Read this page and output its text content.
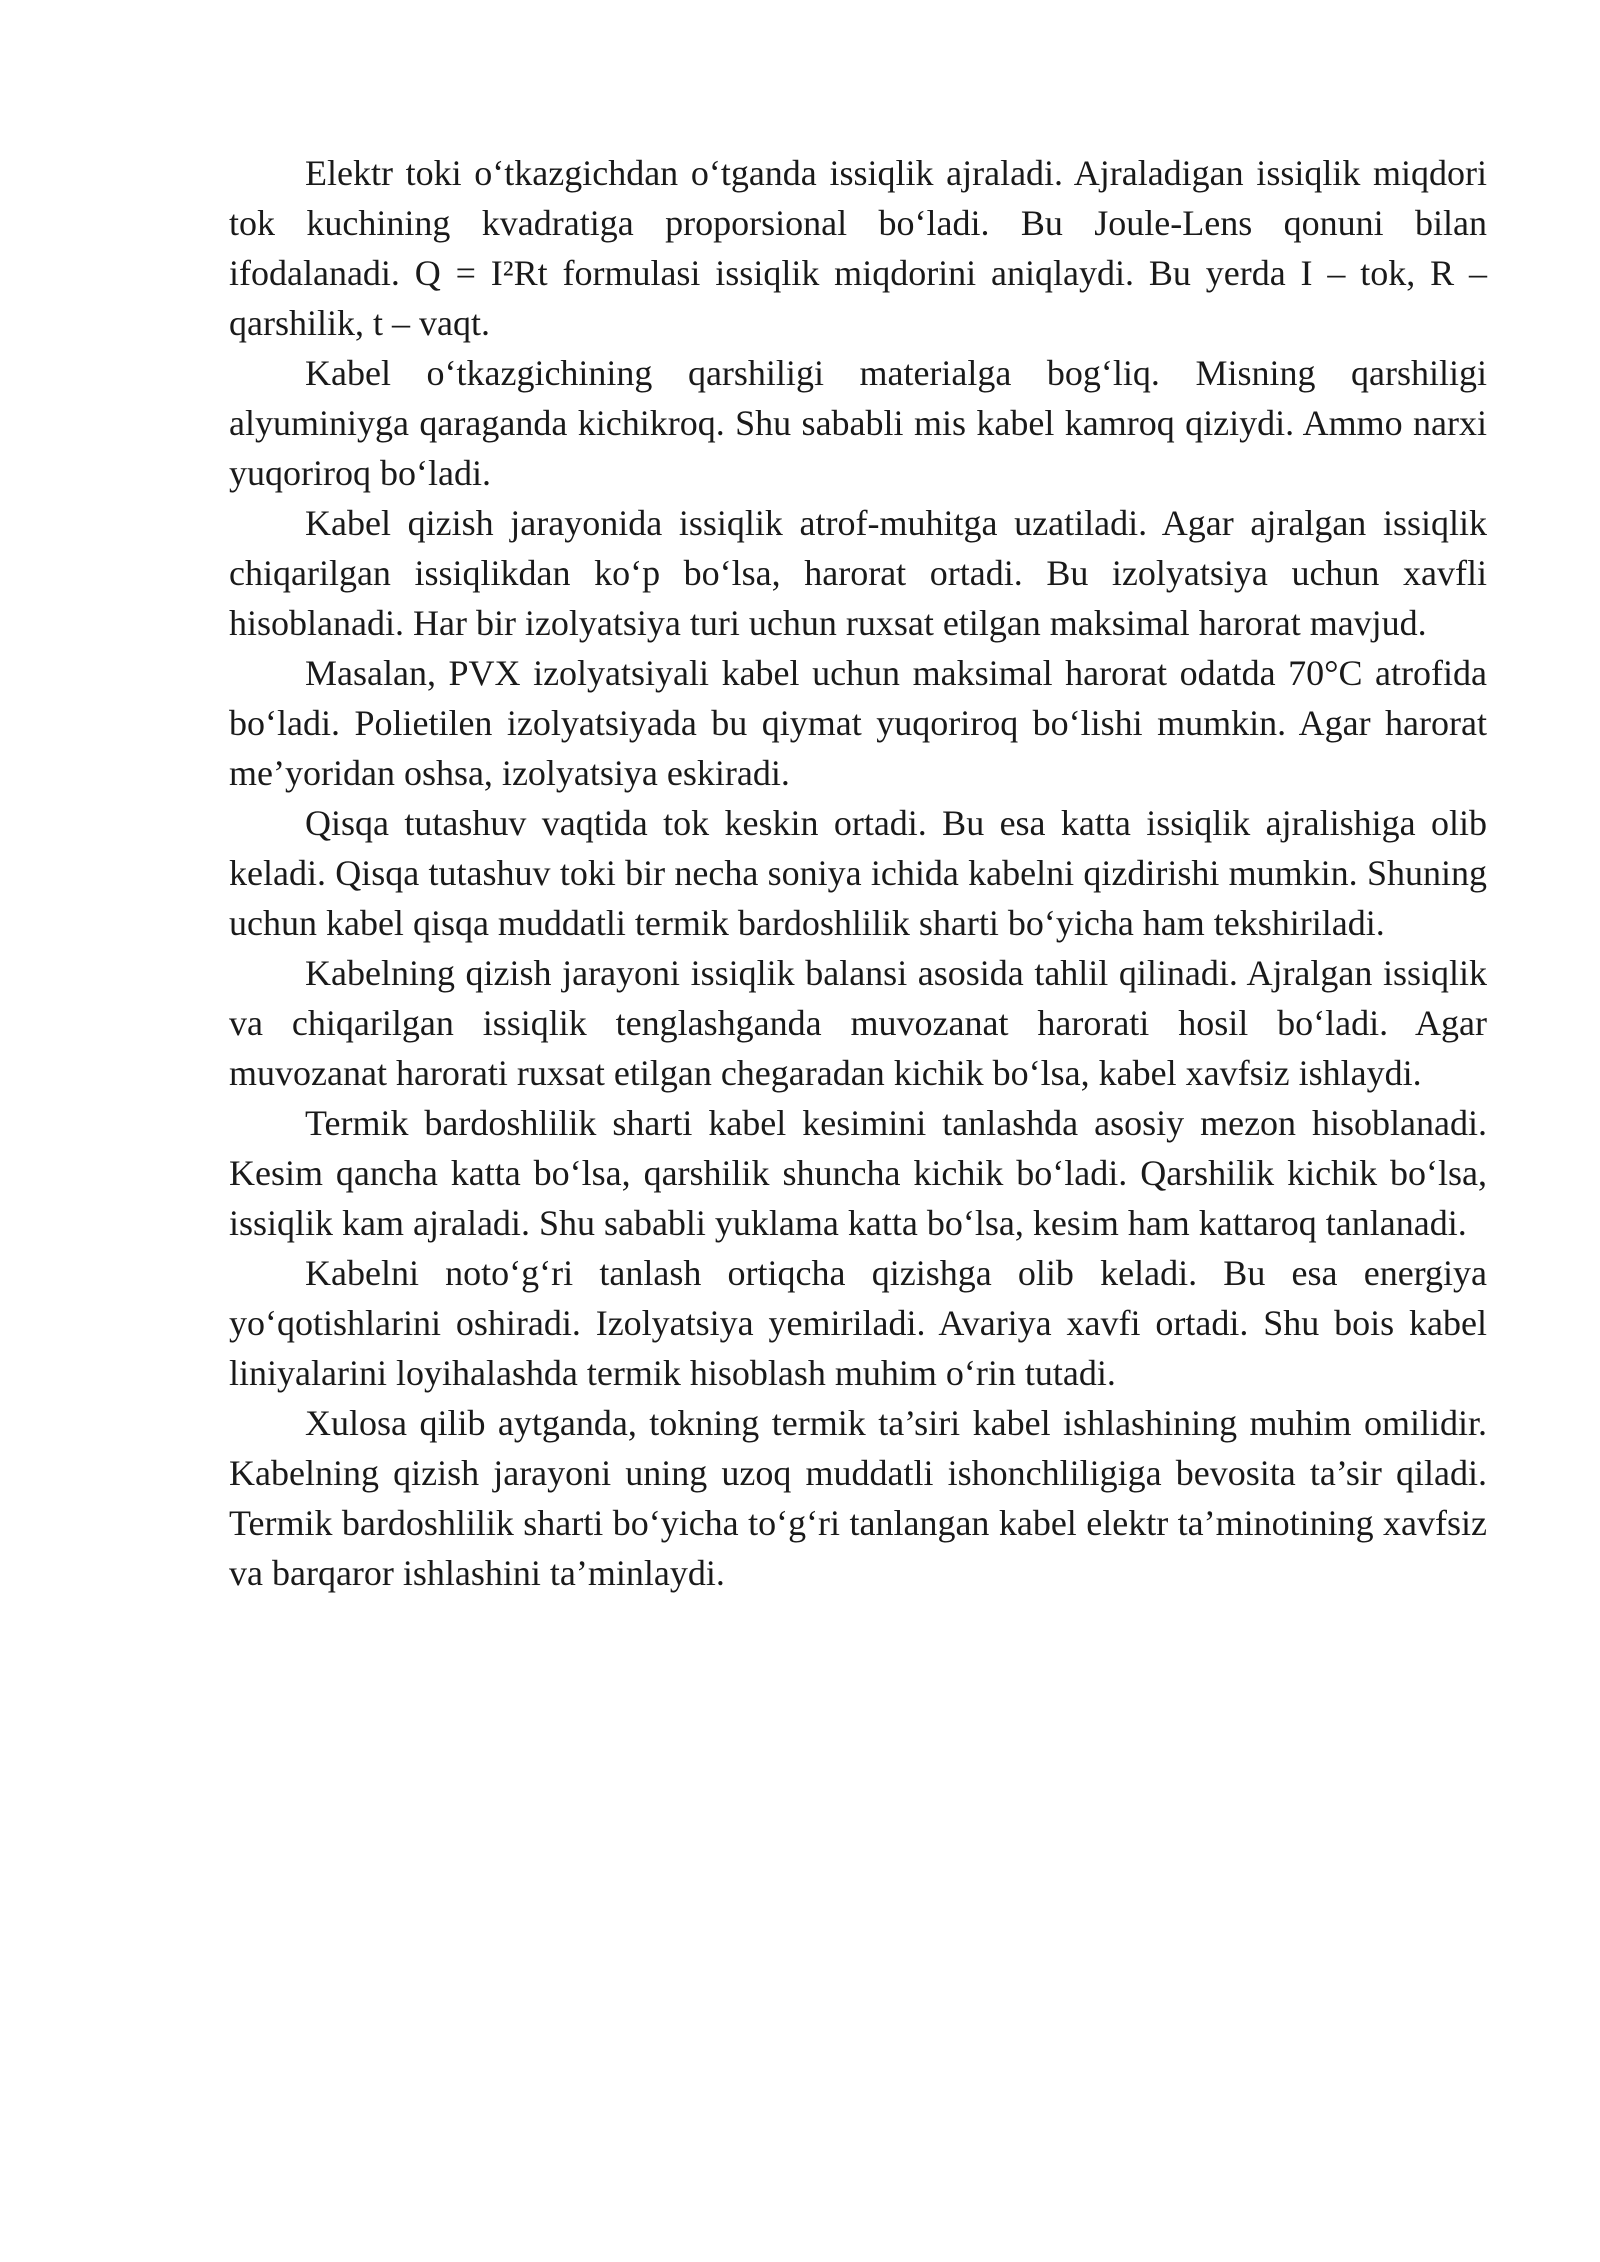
Elektr toki o‘tkazgichdan o‘tganda issiqlik ajraladi. Ajraladigan issiqlik miqdori tok kuchining kvadratiga proporsional bo‘ladi. Bu Joule-Lens qonuni bilan ifodalanadi. Q = I²Rt formulasi issiqlik miqdorini aniqlaydi. Bu yerda I – tok, R – qarshilik, t – vaqt.

Kabel o‘tkazgichining qarshiligi materialga bog‘liq. Misning qarshiligi alyuminiyga qaraganda kichikroq. Shu sababli mis kabel kamroq qiziydi. Ammo narxi yuqoriroq bo‘ladi.

Kabel qizish jarayonida issiqlik atrof-muhitga uzatiladi. Agar ajralgan issiqlik chiqarilgan issiqlikdan ko‘p bo‘lsa, harorat ortadi. Bu izolyatsiya uchun xavfli hisoblanadi. Har bir izolyatsiya turi uchun ruxsat etilgan maksimal harorat mavjud.

Masalan, PVX izolyatsiyali kabel uchun maksimal harorat odatda 70°C atrofida bo‘ladi. Polietilen izolyatsiyada bu qiymat yuqoriroq bo‘lishi mumkin. Agar harorat me’yoridan oshsa, izolyatsiya eskiradi.

Qisqa tutashuv vaqtida tok keskin ortadi. Bu esa katta issiqlik ajralishiga olib keladi. Qisqa tutashuv toki bir necha soniya ichida kabelni qizdirishi mumkin. Shuning uchun kabel qisqa muddatli termik bardoshlilik sharti bo‘yicha ham tekshiriladi.

Kabelning qizish jarayoni issiqlik balansi asosida tahlil qilinadi. Ajralgan issiqlik va chiqarilgan issiqlik tenglashganda muvozanat harorati hosil bo‘ladi. Agar muvozanat harorati ruxsat etilgan chegaradan kichik bo‘lsa, kabel xavfsiz ishlaydi.

Termik bardoshlilik sharti kabel kesimini tanlashda asosiy mezon hisoblanadi. Kesim qancha katta bo‘lsa, qarshilik shuncha kichik bo‘ladi. Qarshilik kichik bo‘lsa, issiqlik kam ajraladi. Shu sababli yuklama katta bo‘lsa, kesim ham kattaroq tanlanadi.

Kabelni noto‘g‘ri tanlash ortiqcha qizishga olib keladi. Bu esa energiya yo‘qotishlarini oshiradi. Izolyatsiya yemiriladi. Avariya xavfi ortadi. Shu bois kabel liniyalarini loyihalashda termik hisoblash muhim o‘rin tutadi.

Xulosa qilib aytganda, tokning termik ta’siri kabel ishlashining muhim omilidir. Kabelning qizish jarayoni uning uzoq muddatli ishonchliligiga bevosita ta’sir qiladi. Termik bardoshlilik sharti bo‘yicha to‘g‘ri tanlangan kabel elektr ta’minotining xavfsiz va barqaror ishlashini ta’minlaydi.
